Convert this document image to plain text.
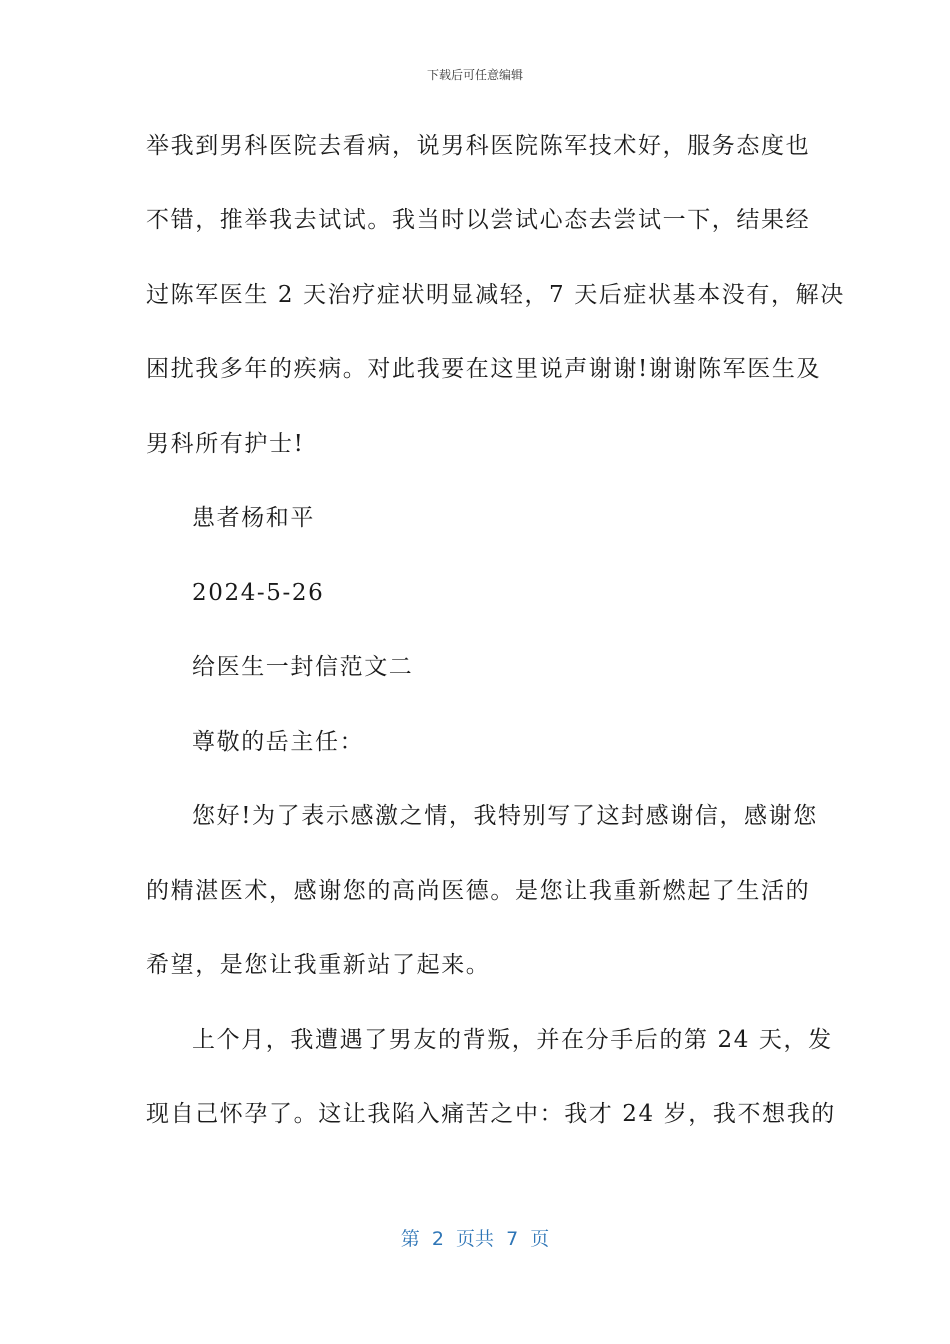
下载后可任意编辑
举我到男科医院去看病，说男科医院陈军技术好，服务态度也
不错，推举我去试试。我当时以尝试心态去尝试一下，结果经
过陈军医生 2 天治疗症状明显减轻，7 天后症状基本没有，解决
困扰我多年的疾病。对此我要在这里说声谢谢!谢谢陈军医生及
男科所有护士!
患者杨和平
2024-5-26
给医生一封信范文二
尊敬的岳主任：
您好!为了表示感激之情，我特别写了这封感谢信，感谢您
的精湛医术，感谢您的高尚医德。是您让我重新燃起了生活的
希望，是您让我重新站了起来。
上个月，我遭遇了男友的背叛，并在分手后的第 24 天，发
现自己怀孕了。这让我陷入痛苦之中：我才 24 岁，我不想我的
第  2  页共  7  页
